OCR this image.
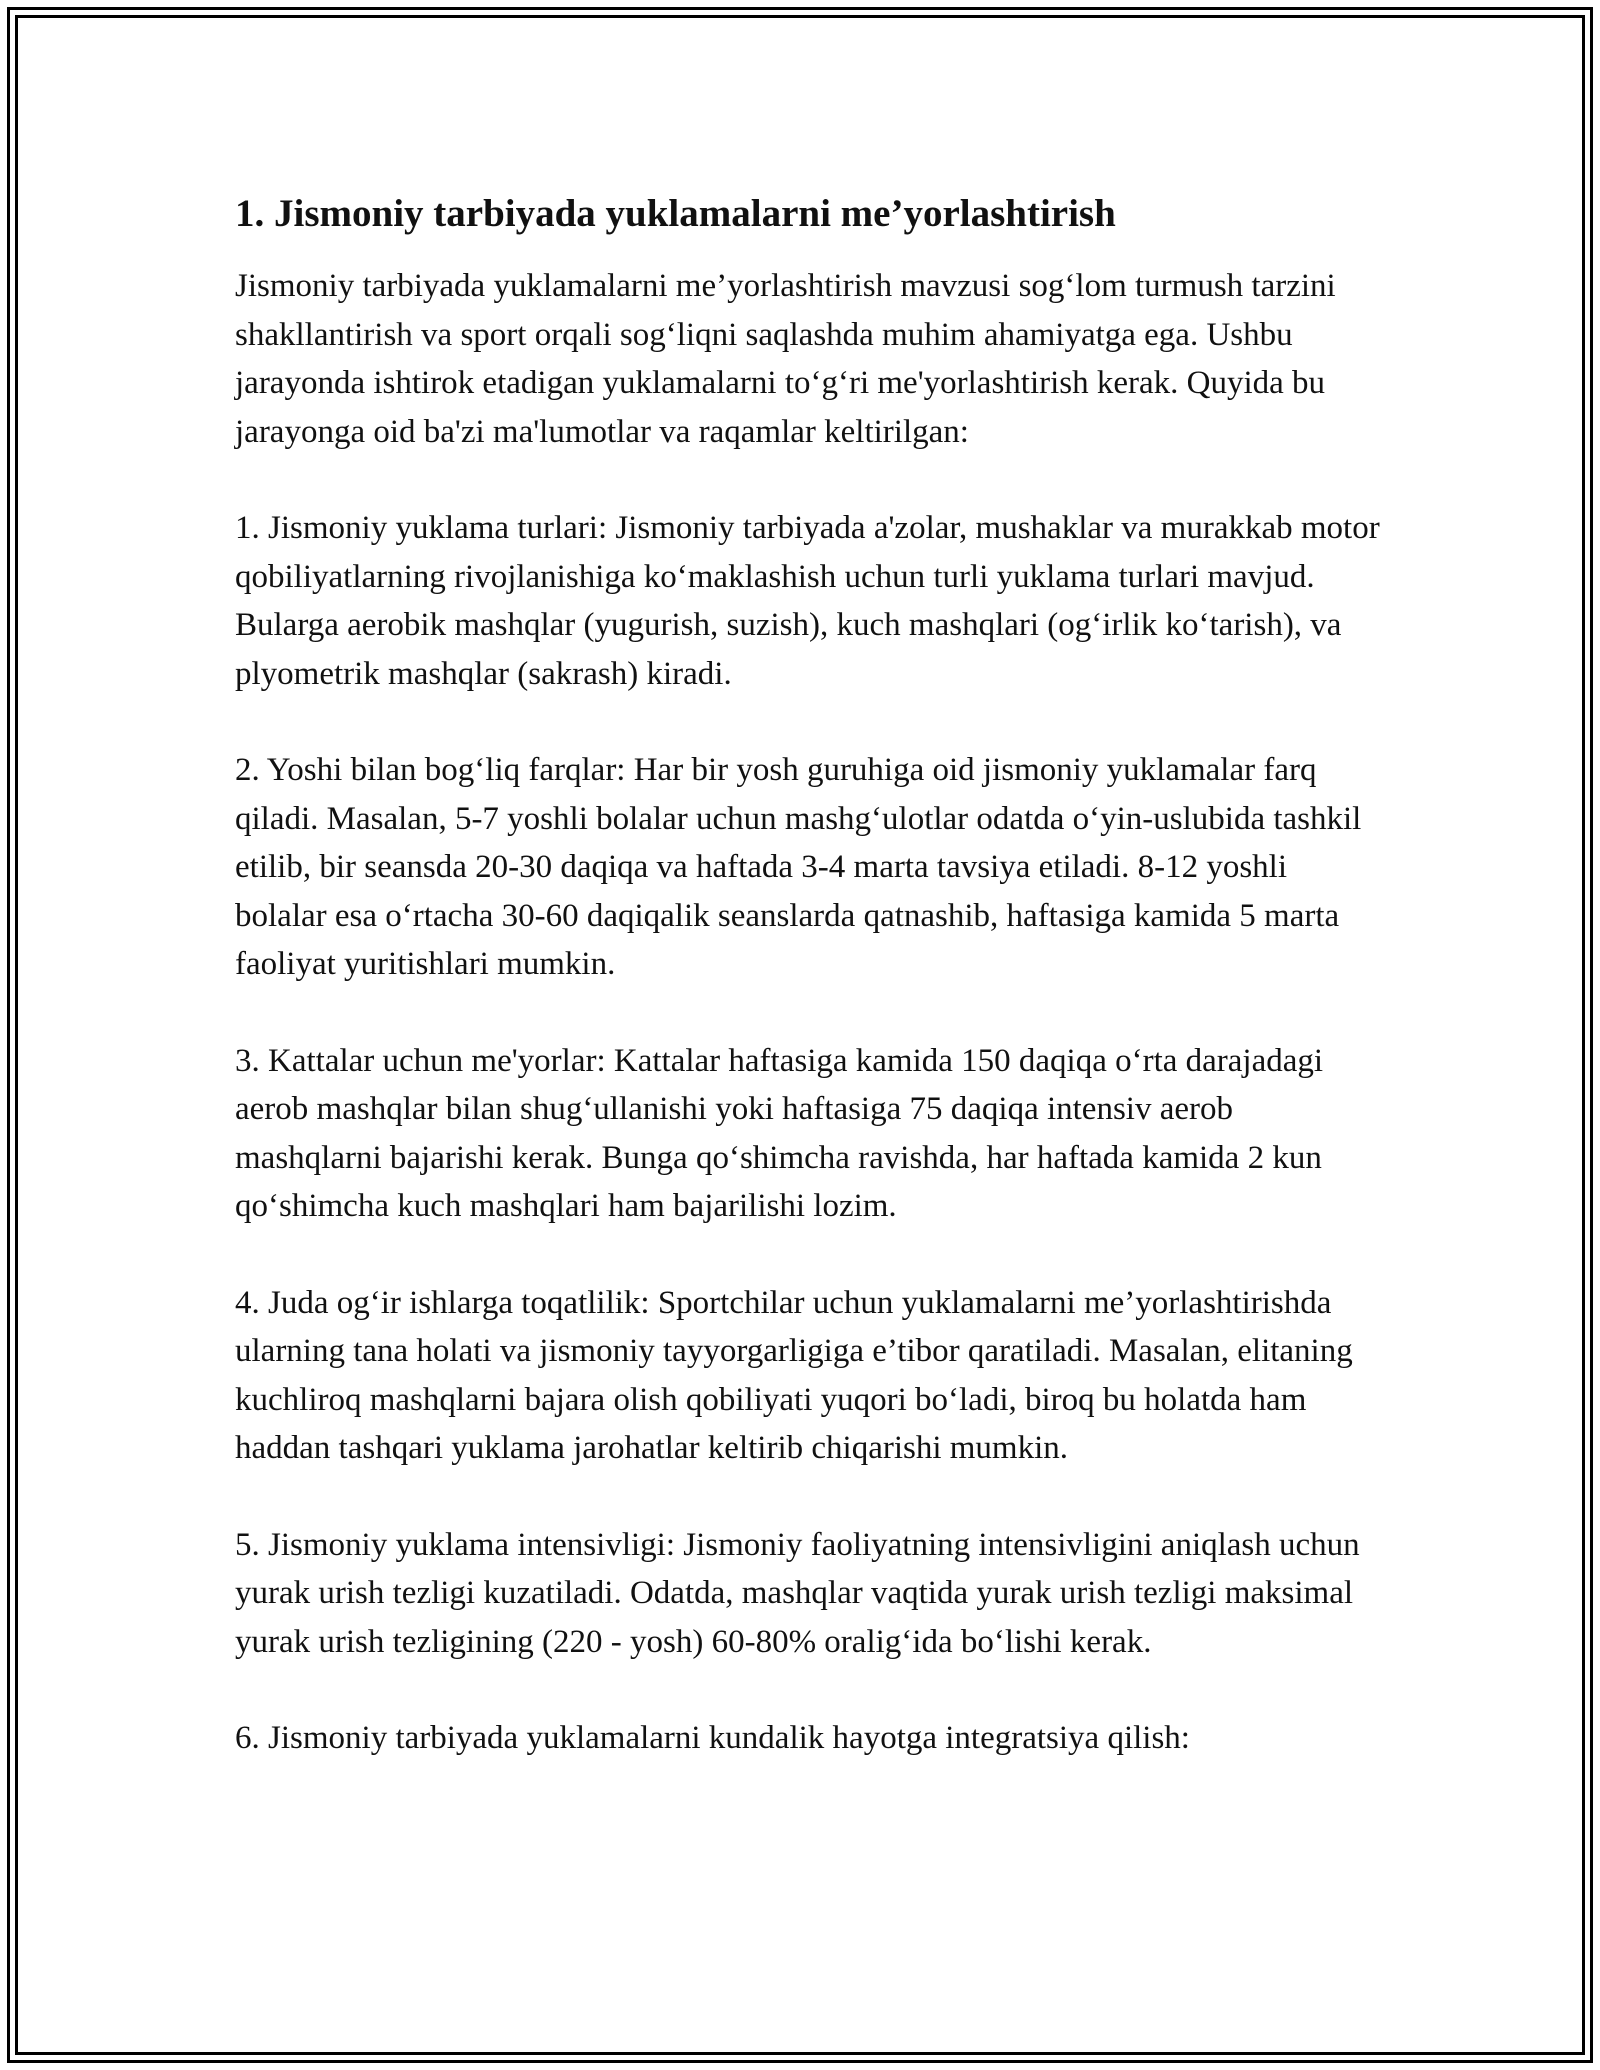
1. Jismoniy tarbiyada yuklamalarni me’yorlashtirish

Jismoniy tarbiyada yuklamalarni me’yorlashtirish mavzusi sog‘lom turmush tarzini shakllantirish va sport orqali sog‘liqni saqlashda muhim ahamiyatga ega. Ushbu jarayonda ishtirok etadigan yuklamalarni to‘g‘ri me'yorlashtirish kerak. Quyida bu jarayonga oid ba'zi ma'lumotlar va raqamlar keltirilgan:

1. Jismoniy yuklama turlari: Jismoniy tarbiyada a'zolar, mushaklar va murakkab motor qobiliyatlarning rivojlanishiga ko‘maklashish uchun turli yuklama turlari mavjud. Bularga aerobik mashqlar (yugurish, suzish), kuch mashqlari (og‘irlik ko‘tarish), va plyometrik mashqlar (sakrash) kiradi.

2. Yoshi bilan bog‘liq farqlar: Har bir yosh guruhiga oid jismoniy yuklamalar farq qiladi. Masalan, 5-7 yoshli bolalar uchun mashg‘ulotlar odatda o‘yin-uslubida tashkil etilib, bir seansda 20-30 daqiqa va haftada 3-4 marta tavsiya etiladi. 8-12 yoshli bolalar esa o‘rtacha 30-60 daqiqalik seanslarda qatnashib, haftasiga kamida 5 marta faoliyat yuritishlari mumkin.

3. Kattalar uchun me'yorlar: Kattalar haftasiga kamida 150 daqiqa o‘rta darajadagi aerob mashqlar bilan shug‘ullanishi yoki haftasiga 75 daqiqa intensiv aerob mashqlarni bajarishi kerak. Bunga qo‘shimcha ravishda, har haftada kamida 2 kun qo‘shimcha kuch mashqlari ham bajarilishi lozim.

4. Juda og‘ir ishlarga toqatlilik: Sportchilar uchun yuklamalarni me’yorlashtirishda ularning tana holati va jismoniy tayyorgarligiga e’tibor qaratiladi. Masalan, elitaning kuchliroq mashqlarni bajara olish qobiliyati yuqori bo‘ladi, biroq bu holatda ham haddan tashqari yuklama jarohatlar keltirib chiqarishi mumkin.

5. Jismoniy yuklama intensivligi: Jismoniy faoliyatning intensivligini aniqlash uchun yurak urish tezligi kuzatiladi. Odatda, mashqlar vaqtida yurak urish tezligi maksimal yurak urish tezligining (220 - yosh) 60-80% oralig‘ida bo‘lishi kerak.

6. Jismoniy tarbiyada yuklamalarni kundalik hayotga integratsiya qilish:
